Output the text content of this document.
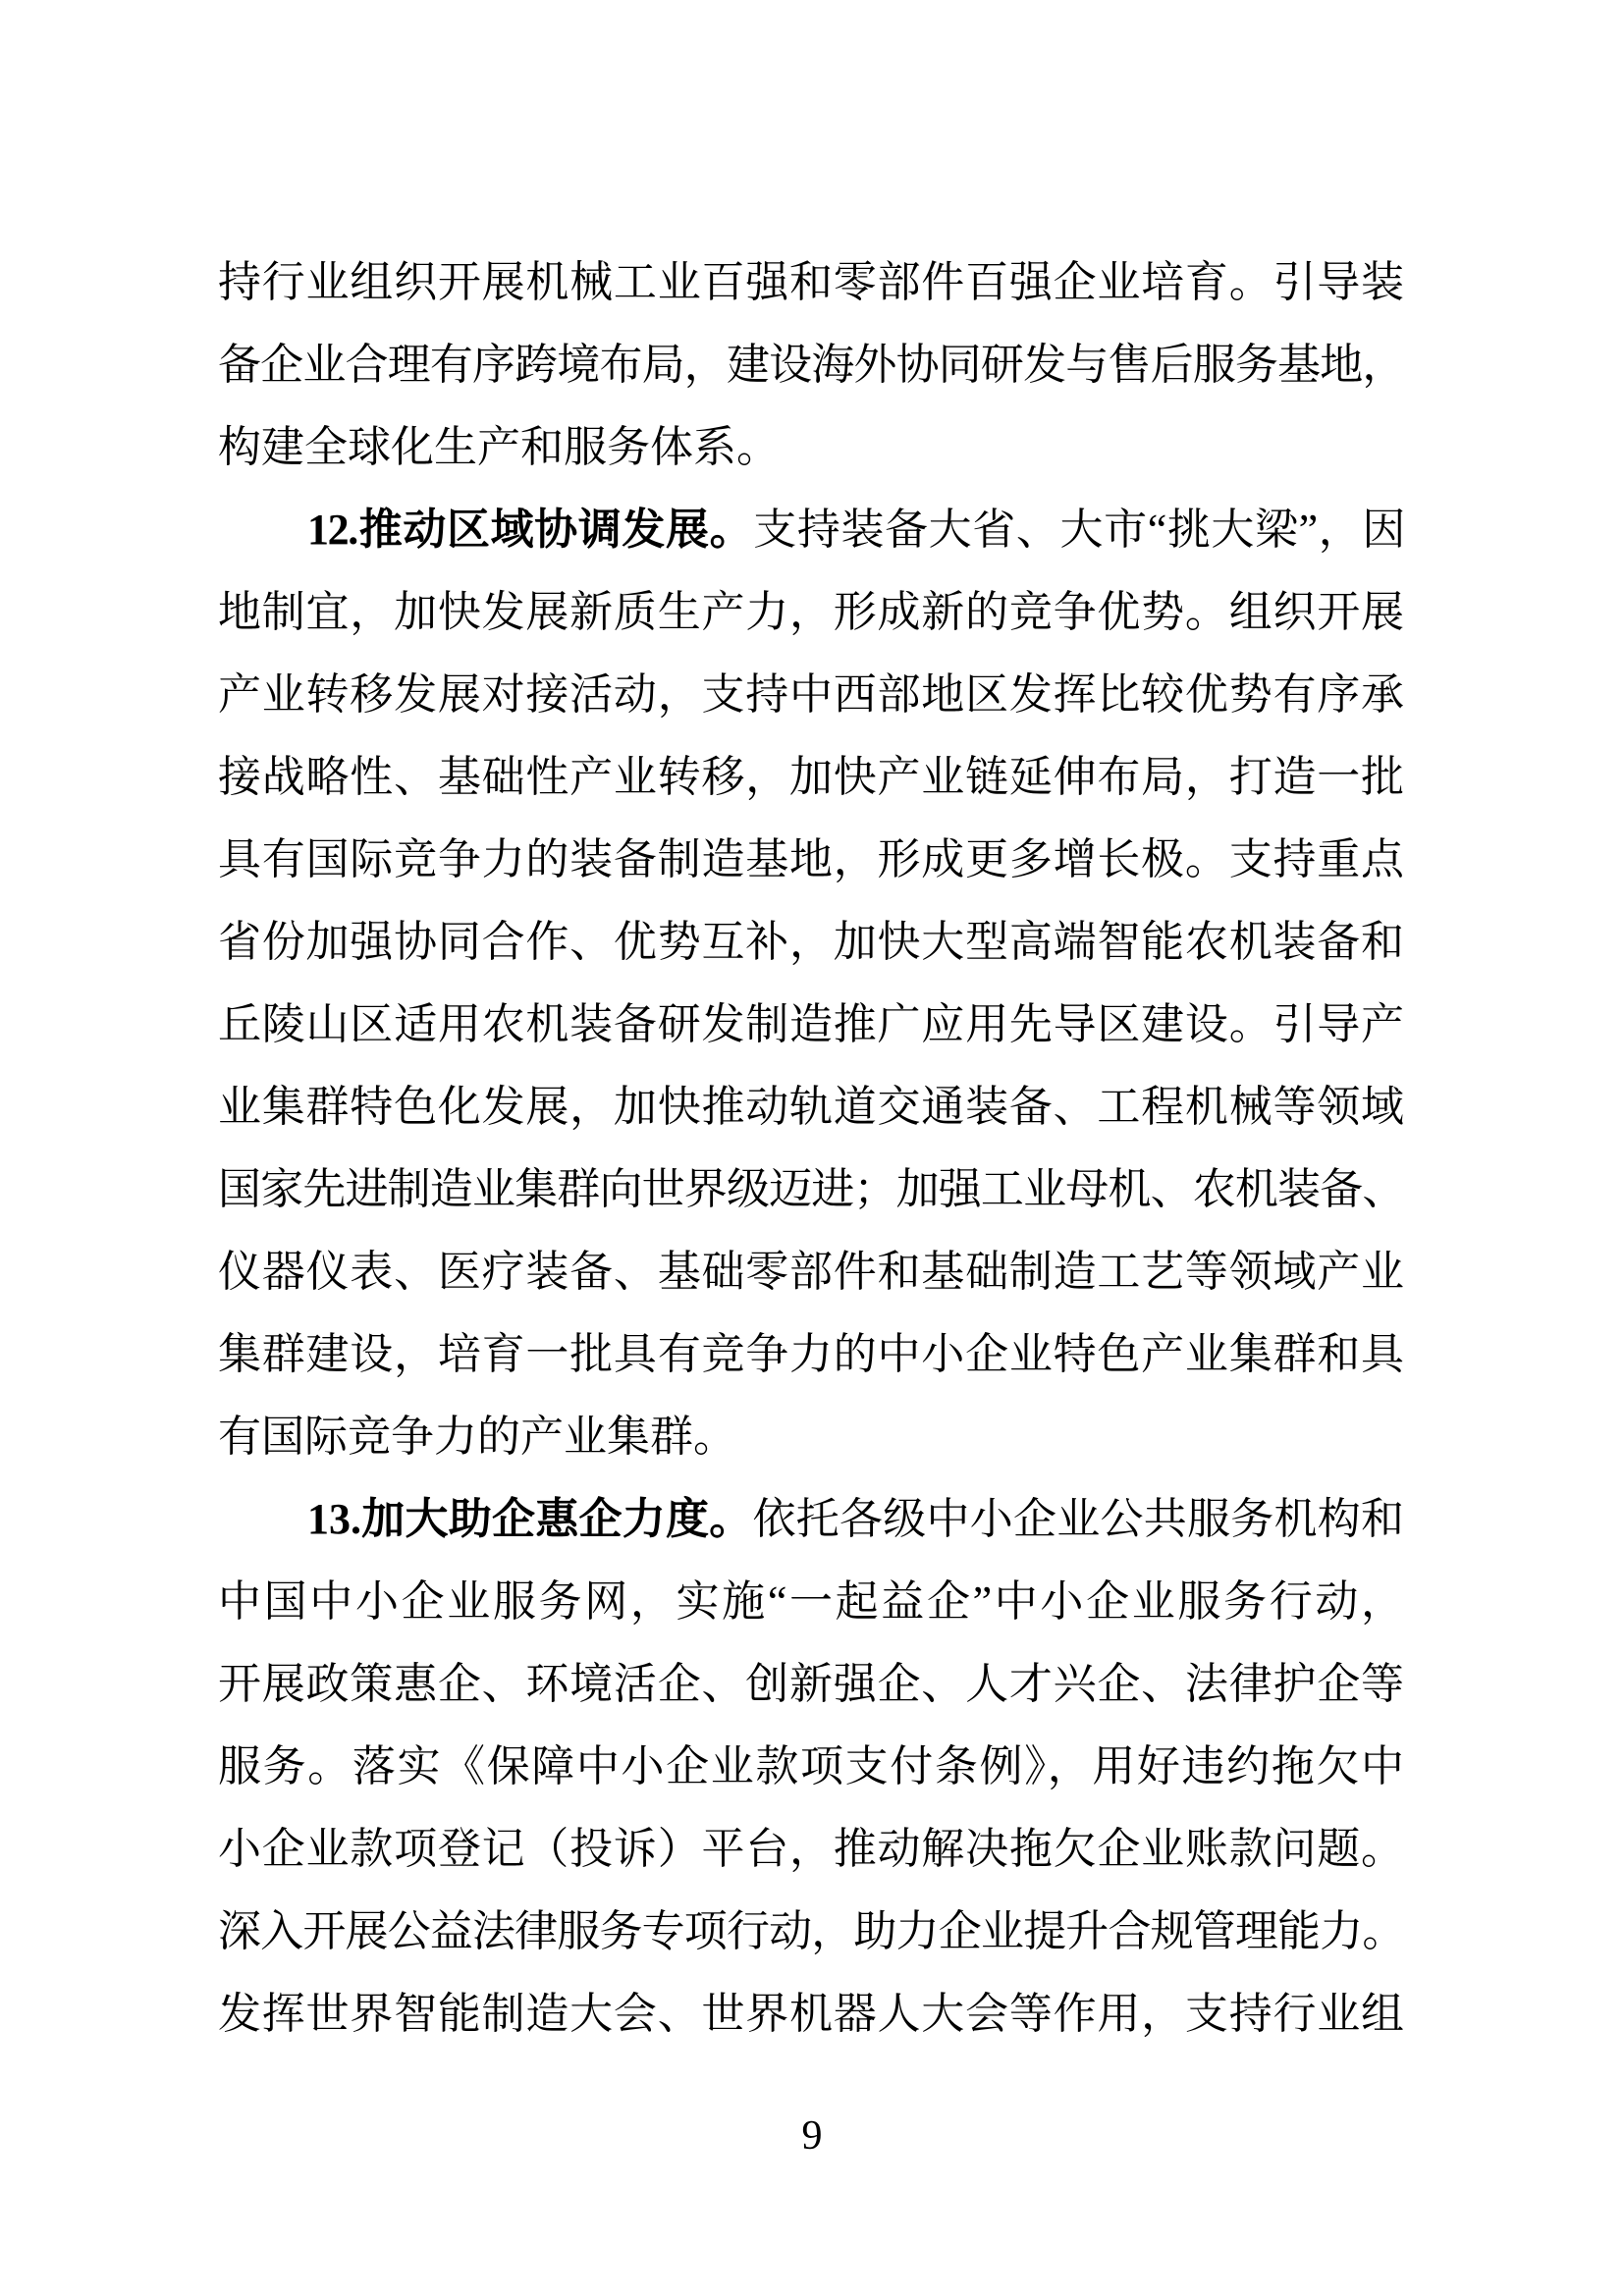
持行业组织开展机械工业百强和零部件百强企业培育。引导装
备企业合理有序跨境布局，建设海外协同研发与售后服务基地，
构建全球化生产和服务体系。
12.推动区域协调发展。支持装备大省、大市“挑大梁”，因
地制宜，加快发展新质生产力，形成新的竞争优势。组织开展
产业转移发展对接活动，支持中西部地区发挥比较优势有序承
接战略性、基础性产业转移，加快产业链延伸布局，打造一批
具有国际竞争力的装备制造基地，形成更多增长极。支持重点
省份加强协同合作、优势互补，加快大型高端智能农机装备和
丘陵山区适用农机装备研发制造推广应用先导区建设。引导产
业集群特色化发展，加快推动轨道交通装备、工程机械等领域
国家先进制造业集群向世界级迈进；加强工业母机、农机装备、
仪器仪表、医疗装备、基础零部件和基础制造工艺等领域产业
集群建设，培育一批具有竞争力的中小企业特色产业集群和具
有国际竞争力的产业集群。
13.加大助企惠企力度。依托各级中小企业公共服务机构和
中国中小企业服务网，实施“一起益企”中小企业服务行动，
开展政策惠企、环境活企、创新强企、人才兴企、法律护企等
服务。落实《保障中小企业款项支付条例》，用好违约拖欠中
小企业款项登记（投诉）平台，推动解决拖欠企业账款问题。
深入开展公益法律服务专项行动，助力企业提升合规管理能力。
发挥世界智能制造大会、世界机器人大会等作用，支持行业组
9
